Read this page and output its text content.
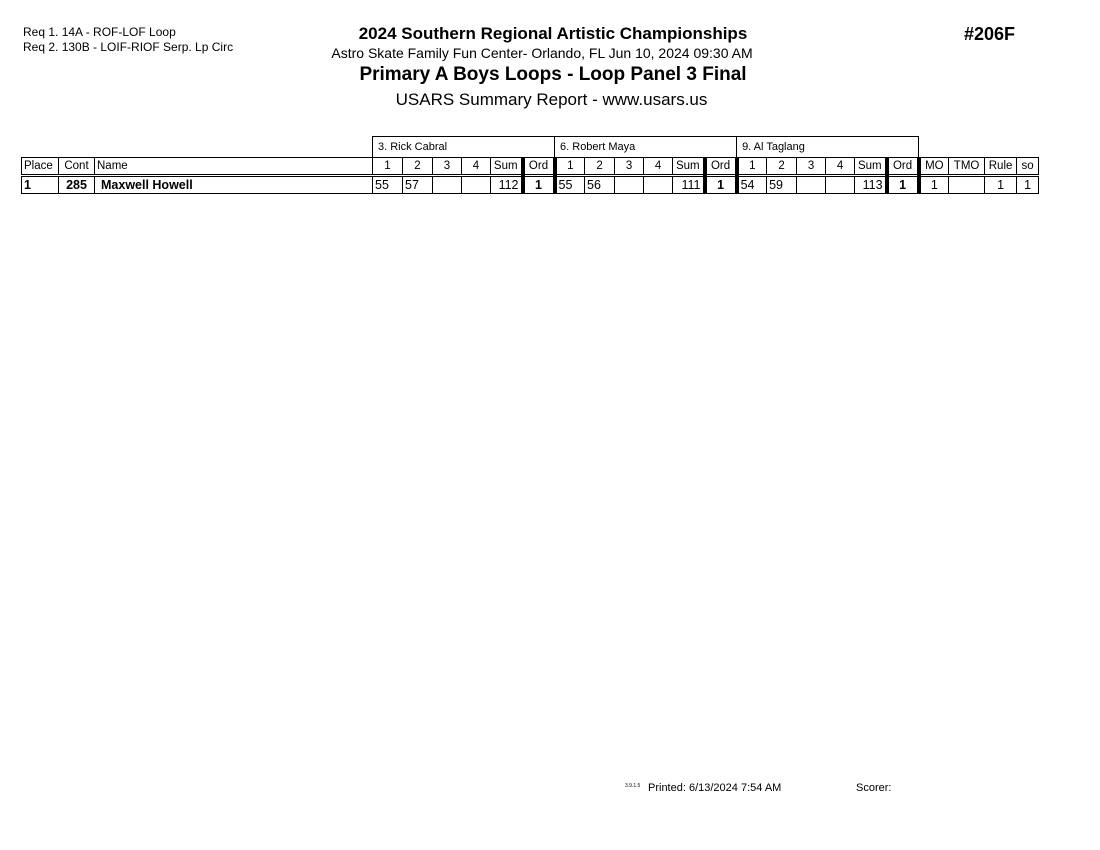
Req 1. 14A - ROF-LOF Loop
Req 2. 130B - LOIF-RIOF Serp. Lp Circ
2024 Southern Regional Artistic Championships
Astro Skate Family Fun Center- Orlando, FL Jun 10, 2024 09:30 AM
Primary A Boys Loops - Loop Panel 3 Final
USARS Summary Report - www.usars.us
#206F
			3. Rick Cabral						6. Robert Maya						9. Al Taglang									
Place	Cont	Name	1	2	3	4	Sum	Ord	1	2	3	4	Sum	Ord	1	2	3	4	Sum	Ord	MO	TMO	Rule	so
1	285	Maxwell Howell	55	57			112	1	55	56			111	1	54	59			113	1	1		1	1
3.9.1.5 Printed: 6/13/2024 7:54 AM	Scorer:
